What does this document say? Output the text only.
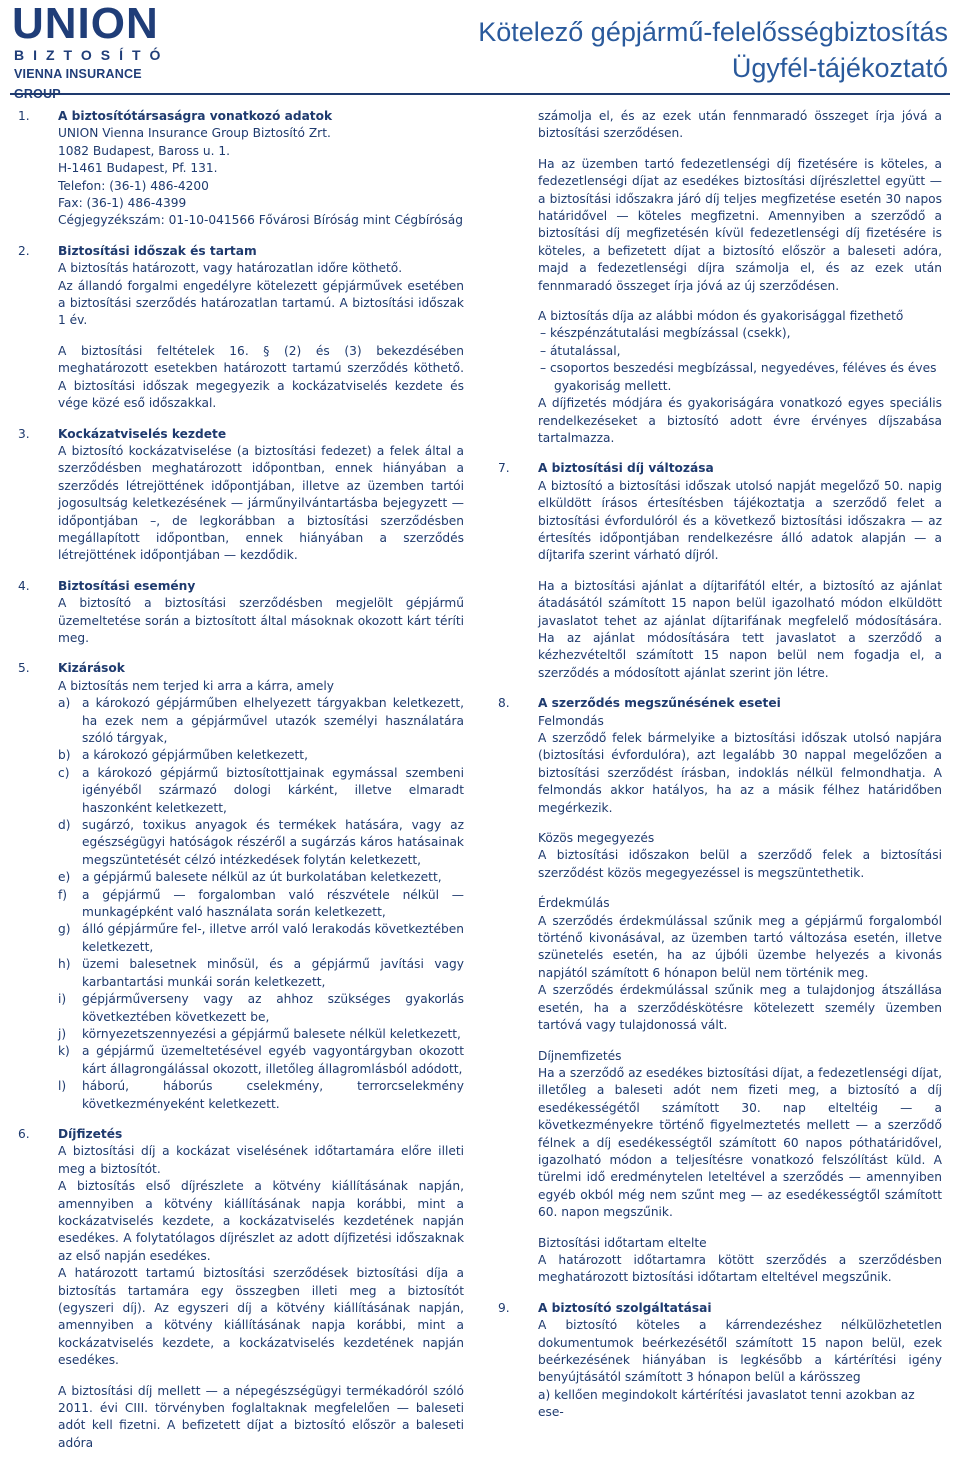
UNION
BIZTOSÍTÓ
VIENNA INSURANCE
Kötelező gépjármű-felelősségbiztosítás
Ügyfél-tájékoztató
1.	A biztosítótársaságra vonatkozó adatok
UNION Vienna Insurance Group Biztosító Zrt.
1082 Budapest, Baross u. 1.
H-1461 Budapest, Pf. 131.
Telefon: (36-1) 486-4200
Fax: (36-1) 486-4399
Cégjegyzékszám: 01-10-041566 Fővárosi Bíróság mint Cégbíróság
2.	Biztosítási időszak és tartam

A biztosítás határozott, vagy határozatlan időre köthető.

Az állandó forgalmi engedélyre kötelezett gépjárművek esetében a biztosítási szerződés határozatlan tartamú. A biztosítási időszak 1 év.

A biztosítási feltételek 16. § (2) és (3) bekezdésében meghatározott esetekben határozott tartamú szerződés köthető. A biztosítási időszak megegyezik a kockázatviselés kezdete és vége közé eső időszakkal.

3.	Kockázatviselés kezdete

A biztosító kockázatviselése (a biztosítási fedezet) a felek által a szerződésben meghatározott időpontban, ennek hiányában a szerződés létrejöttének időpontjában, illetve az üzemben tartói jogosultság keletkezésének — járműnyilvántartásba bejegyzett — időpontjában –, de legkorábban a biztosítási szerződésben megállapított időpontban, ennek hiányában a szerződés létrejöttének időpontjában — kezdődik.

4.	Biztosítási esemény

A biztosító a biztosítási szerződésben megjelölt gépjármű üzemeltetése során a biztosított által másoknak okozott kárt téríti meg.

5.	Kizárások
A biztosítás nem terjed ki arra a kárra, amely
a) a károkozó gépjárműben elhelyezett tárgyakban keletkezett, ha ezek nem a gépjárművel utazók személyi használatára szóló tárgyak,
b) a károkozó gépjárműben keletkezett,
c)	a károkozó gépjármű biztosítottjainak egymással szembeni igényéből származó dologi kárként, illetve elmaradt haszonként keletkezett,
d) sugárzó, toxikus anyagok és termékek hatására, vagy az egészségügyi hatóságok részéről a sugárzás káros hatásainak megszüntetését célzó intézkedések folytán keletkezett,
e) a gépjármű balesete nélkül az út burkolatában keletkezett,
f)	a gépjármű — forgalomban való részvétele nélkül — munkagépként való használata során keletkezett,
g) álló gépjárműre fel-, illetve arról való lerakodás következtében keletkezett,
h) üzemi balesetnek minősül, és a gépjármű javítási vagy karbantartási munkái során keletkezett,
i)	gépjárműverseny vagy az ahhoz szükséges gyakorlás következtében következett be,
j)	környezetszennyezési a gépjármű balesete nélkül keletkezett,
k) a gépjármű üzemeltetésével egyéb vagyontárgyban okozott kárt állagrongálással okozott, illetőleg állagromlásból adódott,
l)	háború, háborús cselekmény, terrorcselekmény következményeként keletkezett.
6.	Díjfizetés

A biztosítási díj a kockázat viselésének időtartamára előre illeti meg a biztosítót.

A biztosítás első díjrészlete a kötvény kiállításának napján, amennyiben a kötvény kiállításának napja korábbi, mint a kockázatviselés kezdete, a kockázatviselés kezdetének napján esedékes. A folytatólagos díjrészlet az adott díjfizetési időszaknak az első napján esedékes.

A határozott tartamú biztosítási szerződések biztosítási díja a biztosítás tartamára egy összegben illeti meg a biztosítót (egyszeri díj). Az egyszeri díj a kötvény kiállításának napján, amennyiben a kötvény kiállításának napja korábbi, mint a kockázatviselés kezdete, a kockázatviselés kezdetének napján esedékes.

A biztosítási díj mellett — a népegészségügyi termékadóról szóló 2011. évi CIII. törvényben foglaltaknak megfelelően — baleseti adót kell fizetni. A befizetett díjat a biztosító először a baleseti adóra

számolja el, és az ezek után fennmaradó összeget írja jóvá a biztosítási szerződésen.

Ha az üzemben tartó fedezetlenségi díj fizetésére is köteles, a fedezetlenségi díjat az esedékes biztosítási díjrészlettel együtt — a biztosítási időszakra járó díj teljes megfizetése esetén 30 napos határidővel — köteles megfizetni. Amennyiben a szerződő a biztosítási díj megfizetésén kívül fedezetlenségi díj fizetésére is köteles, a befizetett díjat a biztosító először a baleseti adóra, majd a fedezetlenségi díjra számolja el, és az ezek után fennmaradó összeget írja jóvá az új szerződésen.

A biztosítás díja az alábbi módon és gyakorisággal fizethető

– készpénzátutalási megbízással (csekk),
– átutalással,
– csoportos beszedési megbízással, negyedéves, féléves és éves gyakoriság mellett.

A díjfizetés módjára és gyakoriságára vonatkozó egyes speciális rendelkezéseket a biztosító adott évre érvényes díjszabása tartalmazza.

7.	A biztosítási díj változása

A biztosító a biztosítási időszak utolsó napját megelőző 50. napig elküldött írásos értesítésben tájékoztatja a szerződő felet a biztosítási évfordulóról és a következő biztosítási időszakra — az értesítés időpontjában rendelkezésre álló adatok alapján — a díjtarifa szerint várható díjról.

Ha a biztosítási ajánlat a díjtarifától eltér, a biztosító az ajánlat átadásától számított 15 napon belül igazolható módon elküldött javaslatot tehet az ajánlat díjtarifának megfelelő módosítására. Ha az ajánlat módosítására tett javaslatot a szerződő a kézhezvételtől számított 15 napon belül nem fogadja el, a szerződés a módosított ajánlat szerint jön létre.

8.	A szerződés megszűnésének esetei
Felmondás

A szerződő felek bármelyike a biztosítási időszak utolsó napjára (biztosítási évfordulóra), azt legalább 30 nappal megelőzően a biztosítási szerződést írásban, indoklás nélkül felmondhatja. A felmondás akkor hatályos, ha az a másik félhez határidőben megérkezik.

Közös megegyezés

A biztosítási időszakon belül a szerződő felek a biztosítási szerződést közös megegyezéssel is megszüntethetik.

Érdekmúlás

A szerződés érdekmúlással szűnik meg a gépjármű forgalomból történő kivonásával, az üzemben tartó változása esetén, illetve szünetelés esetén, ha az újbóli üzembe helyezés a kivonás napjától számított 6 hónapon belül nem történik meg.

A szerződés érdekmúlással szűnik meg a tulajdonjog átszállása esetén, ha a szerződéskötésre kötelezett személy üzemben tartóvá vagy tulajdonossá vált.

Díjnemfizetés

Ha a szerződő az esedékes biztosítási díjat, a fedezetlenségi díjat, illetőleg a baleseti adót nem fizeti meg, a biztosító a díj esedékességétől számított 30. nap elteltéig — a következményekre történő figyelmeztetés mellett — a szerződő félnek a díj esedékességtől számított 60 napos póthatáridővel, igazolható módon a teljesítésre vonatkozó felszólítást küld. A türelmi idő eredménytelen leteltével a szerződés — amennyiben egyéb okból még nem szűnt meg — az esedékességtől számított 60. napon megszűnik.

Biztosítási időtartam eltelte

A határozott időtartamra kötött szerződés a szerződésben meghatározott biztosítási időtartam elteltével megszűnik.

9.	A biztosító szolgáltatásai

A biztosító köteles a kárrendezéshez nélkülözhetetlen dokumentumok beérkezésétől számított 15 napon belül, ezek beérkezésének hiányában is legkésőbb a kártérítési igény benyújtásától számított 3 hónapon belül a kárösszeg

a) kellően megindokolt kártérítési javaslatot tenni azokban az ese-
